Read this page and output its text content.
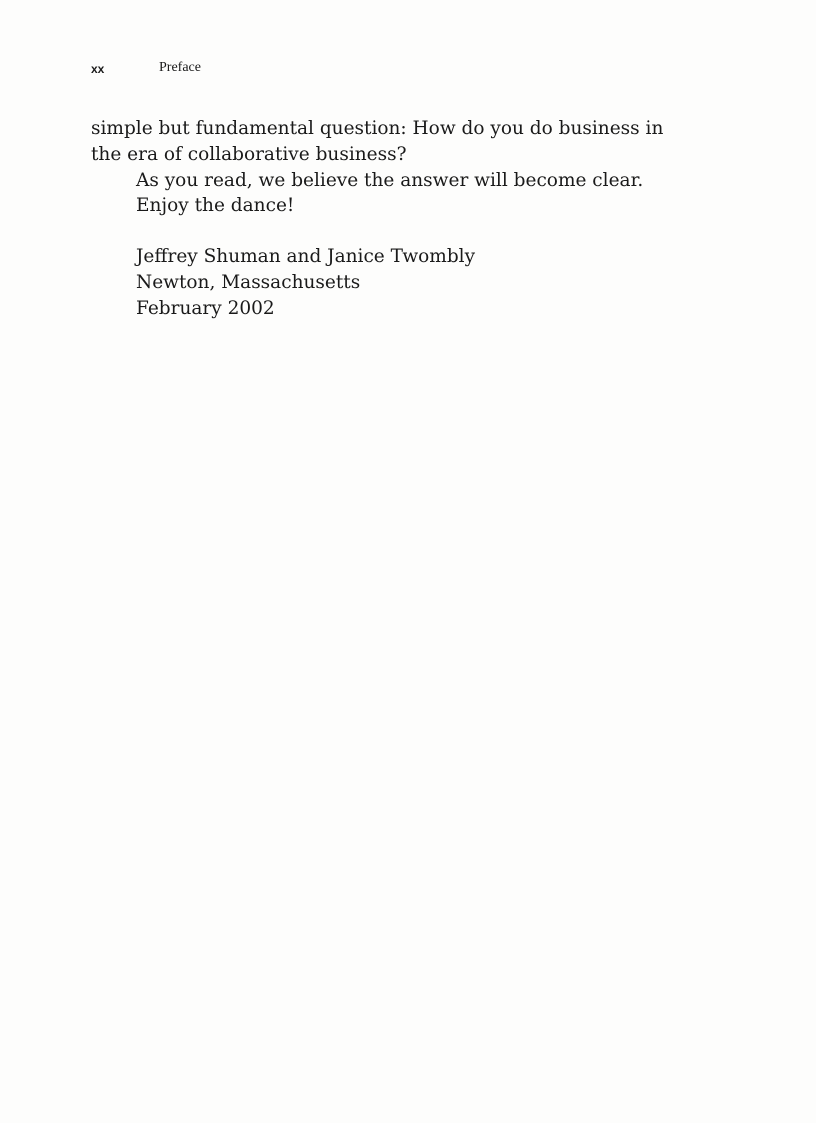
xx	Preface

simple but fundamental question: How do you do business in

the era of collaborative business?

As you read, we believe the answer will become clear.

Enjoy the dance!

Jeffrey Shuman and Janice Twombly

Newton, Massachusetts

February 2002
